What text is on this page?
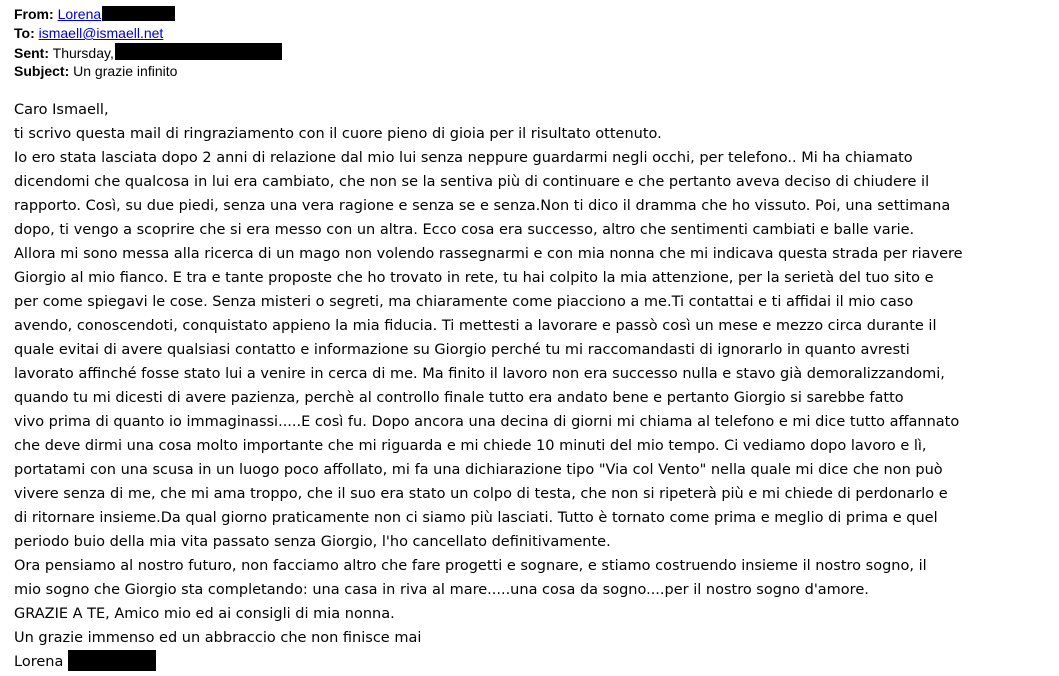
From: Lorena
To: ismaell@ismaell.net
Sent: Thursday,
Subject: Un grazie infinito
Caro Ismaell,
ti scrivo questa mail di ringraziamento con il cuore pieno di gioia per il risultato ottenuto.
Io ero stata lasciata dopo 2 anni di relazione dal mio lui senza neppure guardarmi negli occhi, per telefono.. Mi ha chiamato
dicendomi che qualcosa in lui era cambiato, che non se la sentiva più di continuare e che pertanto aveva deciso di chiudere il
rapporto. Così, su due piedi, senza una vera ragione e senza se e senza.Non ti dico il dramma che ho vissuto. Poi, una settimana
dopo, ti vengo a scoprire che si era messo con un altra. Ecco cosa era successo, altro che sentimenti cambiati e balle varie.
Allora mi sono messa alla ricerca di un mago non volendo rassegnarmi e con mia nonna che mi indicava questa strada per riavere
Giorgio al mio fianco. E tra e tante proposte che ho trovato in rete, tu hai colpito la mia attenzione, per la serietà del tuo sito e
per come spiegavi le cose. Senza misteri o segreti, ma chiaramente come piacciono a me.Ti contattai e ti affidai il mio caso
avendo, conoscendoti, conquistato appieno la mia fiducia. Ti mettesti a lavorare e passò così un mese e mezzo circa durante il
quale evitai di avere qualsiasi contatto e informazione su Giorgio perché tu mi raccomandasti di ignorarlo in quanto avresti
lavorato affinché fosse stato lui a venire in cerca di me. Ma finito il lavoro non era successo nulla e stavo già demoralizzandomi,
quando tu mi dicesti di avere pazienza, perchè al controllo finale tutto era andato bene e pertanto Giorgio si sarebbe fatto
vivo prima di quanto io immaginassi.....E così fu. Dopo ancora una decina di giorni mi chiama al telefono e mi dice tutto affannato
che deve dirmi una cosa molto importante che mi riguarda e mi chiede 10 minuti del mio tempo. Ci vediamo dopo lavoro e lì,
portatami con una scusa in un luogo poco affollato, mi fa una dichiarazione tipo "Via col Vento" nella quale mi dice che non può
vivere senza di me, che mi ama troppo, che il suo era stato un colpo di testa, che non si ripeterà più e mi chiede di perdonarlo e
di ritornare insieme.Da qual giorno praticamente non ci siamo più lasciati. Tutto è tornato come prima e meglio di prima e quel
periodo buio della mia vita passato senza Giorgio, l'ho cancellato definitivamente.
Ora pensiamo al nostro futuro, non facciamo altro che fare progetti e sognare, e stiamo costruendo insieme il nostro sogno, il
mio sogno che Giorgio sta completando: una casa in riva al mare.....una cosa da sogno....per il nostro sogno d'amore.
GRAZIE A TE, Amico mio ed ai consigli di mia nonna.
Un grazie immenso ed un abbraccio che non finisce mai
Lorena
